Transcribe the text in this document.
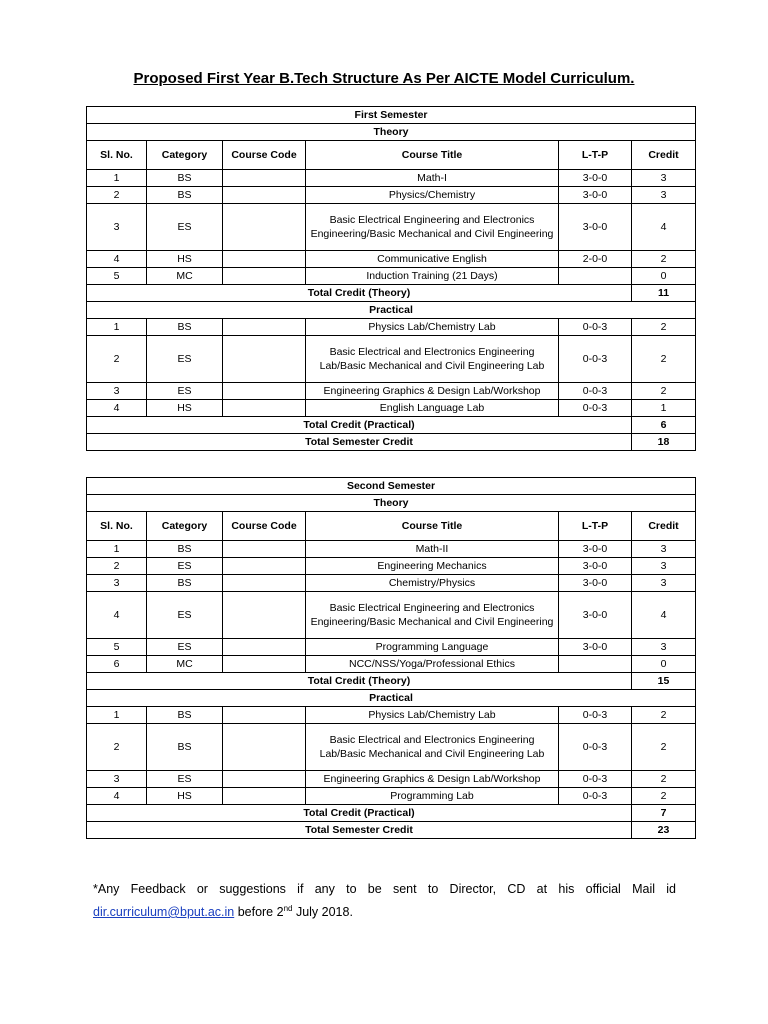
Proposed First Year B.Tech Structure As Per AICTE Model Curriculum.
First Semester					
Theory					
Sl. No.	Category	Course Code	Course Title	L-T-P	Credit
1	BS		Math-I	3-0-0	3
2	BS		Physics/Chemistry	3-0-0	3
3	ES		Basic Electrical Engineering and Electronics Engineering/Basic Mechanical and Civil Engineering	3-0-0	4
4	HS		Communicative English	2-0-0	2
5	MC		Induction Training (21 Days)		0
Total Credit (Theory)					11
Practical					
1	BS		Physics Lab/Chemistry Lab	0-0-3	2
2	ES		Basic Electrical and Electronics Engineering Lab/Basic Mechanical and Civil Engineering Lab	0-0-3	2
3	ES		Engineering Graphics & Design Lab/Workshop	0-0-3	2
4	HS		English Language Lab	0-0-3	1
Total Credit (Practical)					6
Total Semester Credit					18
Second Semester					
Theory					
Sl. No.	Category	Course Code	Course Title	L-T-P	Credit
1	BS		Math-II	3-0-0	3
2	ES		Engineering Mechanics	3-0-0	3
3	BS		Chemistry/Physics	3-0-0	3
4	ES		Basic Electrical Engineering and Electronics Engineering/Basic Mechanical and Civil Engineering	3-0-0	4
5	ES		Programming Language	3-0-0	3
6	MC		NCC/NSS/Yoga/Professional Ethics		0
Total Credit (Theory)					15
Practical					
1	BS		Physics Lab/Chemistry Lab	0-0-3	2
2	BS		Basic Electrical and Electronics Engineering Lab/Basic Mechanical and Civil Engineering Lab	0-0-3	2
3	ES		Engineering Graphics & Design Lab/Workshop	0-0-3	2
4	HS		Programming Lab	0-0-3	2
Total Credit (Practical)					7
Total Semester Credit					23
*Any Feedback or suggestions if any to be sent to Director, CD at his official Mail id dir.curriculum@bput.ac.in before 2nd July 2018.
